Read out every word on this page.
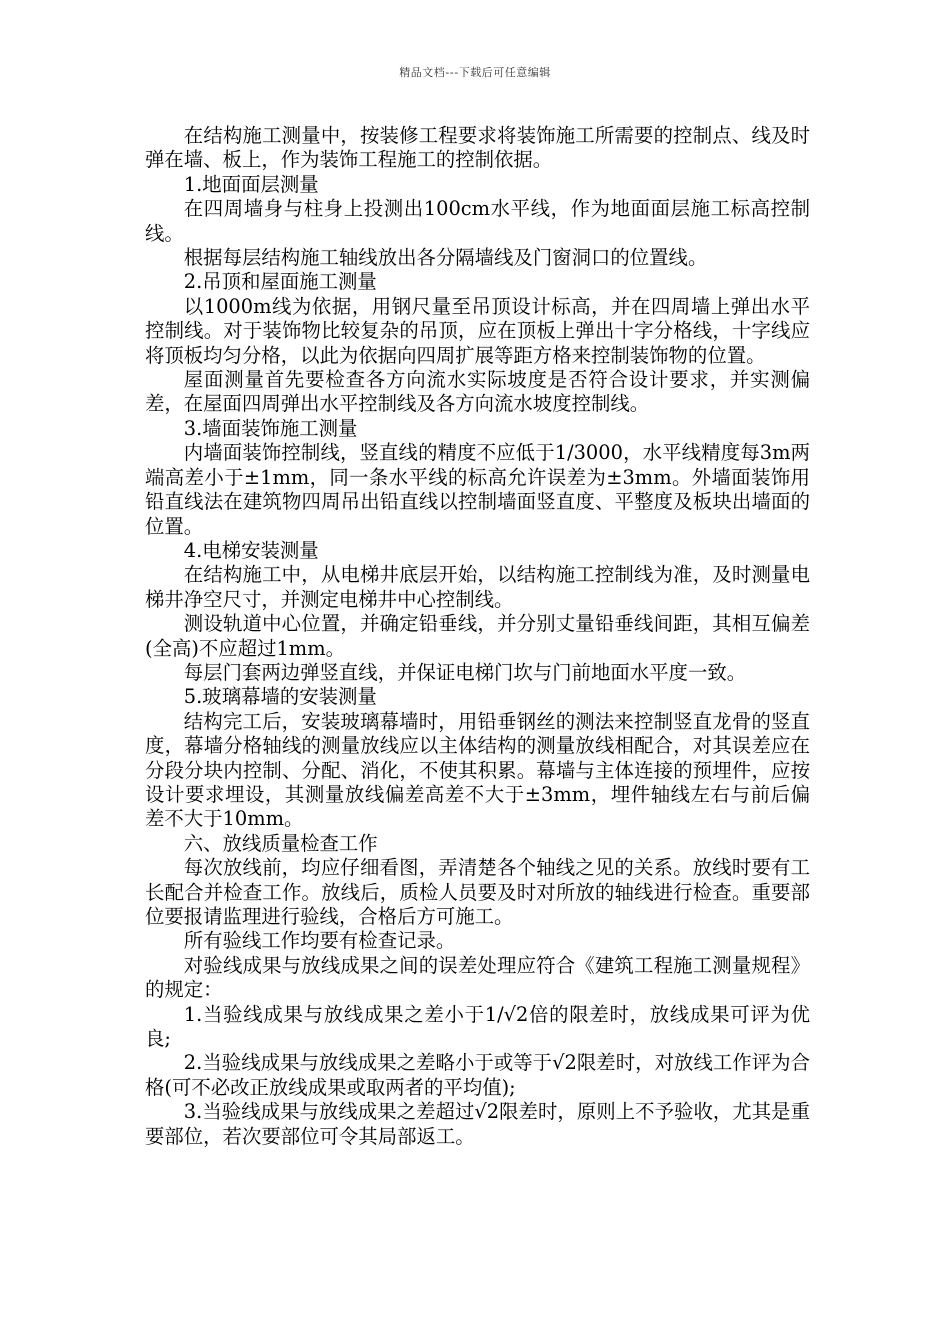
精品文档---下载后可任意编辑

在结构施工测量中，按装修工程要求将装饰施工所需要的控制点、线及时弹在墙、板上，作为装饰工程施工的控制依据。

1.地面面层测量

在四周墙身与柱身上投测出100cm水平线，作为地面面层施工标高控制线。

根据每层结构施工轴线放出各分隔墙线及门窗洞口的位置线。

2.吊顶和屋面施工测量

以1000m线为依据，用钢尺量至吊顶设计标高，并在四周墙上弹出水平控制线。对于装饰物比较复杂的吊顶，应在顶板上弹出十字分格线，十字线应将顶板均匀分格，以此为依据向四周扩展等距方格来控制装饰物的位置。

屋面测量首先要检查各方向流水实际坡度是否符合设计要求，并实测偏差，在屋面四周弹出水平控制线及各方向流水坡度控制线。

3.墙面装饰施工测量

内墙面装饰控制线，竖直线的精度不应低于1/3000，水平线精度每3m两端高差小于±1mm，同一条水平线的标高允许误差为±3mm。外墙面装饰用铅直线法在建筑物四周吊出铅直线以控制墙面竖直度、平整度及板块出墙面的位置。

4.电梯安装测量

在结构施工中，从电梯井底层开始，以结构施工控制线为准，及时测量电梯井净空尺寸，并测定电梯井中心控制线。

测设轨道中心位置，并确定铅垂线，并分别丈量铅垂线间距，其相互偏差(全高)不应超过1mm。

每层门套两边弹竖直线，并保证电梯门坎与门前地面水平度一致。

5.玻璃幕墙的安装测量

结构完工后，安装玻璃幕墙时，用铅垂钢丝的测法来控制竖直龙骨的竖直度，幕墙分格轴线的测量放线应以主体结构的测量放线相配合，对其误差应在分段分块内控制、分配、消化，不使其积累。幕墙与主体连接的预埋件，应按设计要求埋设，其测量放线偏差高差不大于±3mm，埋件轴线左右与前后偏差不大于10mm。

六、放线质量检查工作

每次放线前，均应仔细看图，弄清楚各个轴线之见的关系。放线时要有工长配合并检查工作。放线后，质检人员要及时对所放的轴线进行检查。重要部位要报请监理进行验线，合格后方可施工。

所有验线工作均要有检查记录。

对验线成果与放线成果之间的误差处理应符合《建筑工程施工测量规程》的规定：

1.当验线成果与放线成果之差小于1/√2倍的限差时，放线成果可评为优良;

2.当验线成果与放线成果之差略小于或等于√2限差时，对放线工作评为合格(可不必改正放线成果或取两者的平均值);

3.当验线成果与放线成果之差超过√2限差时，原则上不予验收，尤其是重要部位，若次要部位可令其局部返工。
